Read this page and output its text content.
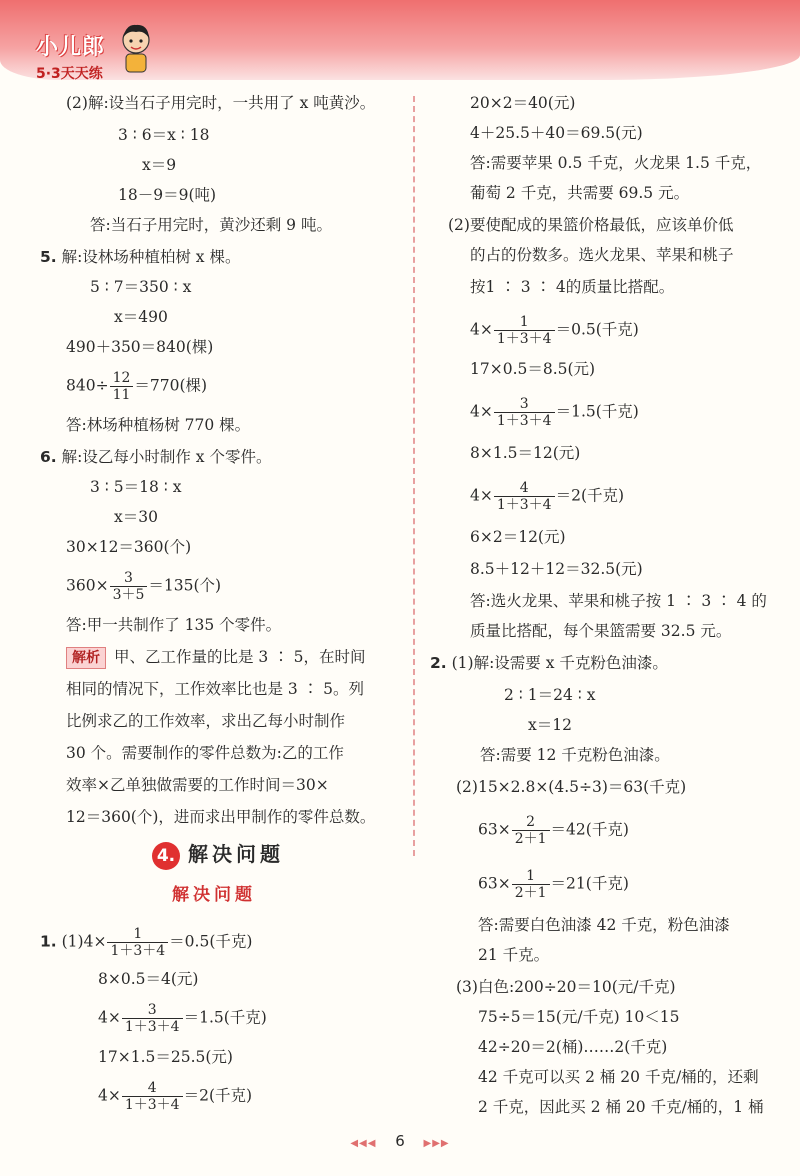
小儿郎
5·3天天练
(2)解:设当石子用完时，一共用了 x 吨黄沙。
3 ∶ 6＝x ∶ 18
x＝9
18－9＝9(吨)
答:当石子用完时，黄沙还剩 9 吨。
5. 解:设林场种植柏树 x 棵。
5 ∶ 7＝350 ∶ x
x＝490
490＋350＝840(棵)
$840\div \frac{12}{11} =770$(棵)
答:林场种植杨树 770 棵。
6. 解:设乙每小时制作 x 个零件。
3 ∶ 5＝18 ∶ x
x＝30
30×12＝360(个)
$360\times \frac{3}{3+5} =135$(个)
答:甲一共制作了 135 个零件。
解析 甲、乙工作量的比是 3 ∶ 5，在时间
相同的情况下，工作效率比也是 3 ∶ 5。列
比例求乙的工作效率，求出乙每小时制作
30 个。需要制作的零件总数为:乙的工作
效率×乙单独做需要的工作时间＝30×
12＝360(个)，进而求出甲制作的零件总数。
4. 解决问题
解决问题
1. $(1)4\times \frac{1}{1+3+4} =0.5$(千克)
8×0.5＝4(元)
$4\times \frac{3}{1+3+4} =1.5$(千克)
17×1.5＝25.5(元)
$4\times \frac{4}{1+3+4} =2$(千克)
20×2＝40(元)
4＋25.5＋40＝69.5(元)
答:需要苹果 0.5 千克，火龙果 1.5 千克，
葡萄 2 千克，共需要 69.5 元。
(2)要使配成的果篮价格最低，应该单价低
的占的份数多。选火龙果、苹果和桃子
按1 ∶ 3 ∶ 4的质量比搭配。
$4\times \frac{1}{1+3+4} =0.5$(千克)
17×0.5＝8.5(元)
$4\times \frac{3}{1+3+4} =1.5$(千克)
8×1.5＝12(元)
$4\times \frac{4}{1+3+4} =2$(千克)
6×2＝12(元)
8.5＋12＋12＝32.5(元)
答:选火龙果、苹果和桃子按 1 ∶ 3 ∶ 4 的
质量比搭配，每个果篮需要 32.5 元。
2. (1)解:设需要 x 千克粉色油漆。
2 ∶ 1＝24 ∶ x
x＝12
答:需要 12 千克粉色油漆。
(2)15×2.8×(4.5÷3)＝63(千克)
$63\times \frac{2}{2+1} =42$(千克)
$63\times \frac{1}{2+1} =21$(千克)
答:需要白色油漆 42 千克，粉色油漆
21 千克。
(3)白色:200÷20＝10(元/千克)
75÷5＝15(元/千克) 10＜15
42÷20＝2(桶)……2(千克)
42 千克可以买 2 桶 20 千克/桶的，还剩
2 千克，因此买 2 桶 20 千克/桶的，1 桶
◀◀◀ 6 ▶▶▶
